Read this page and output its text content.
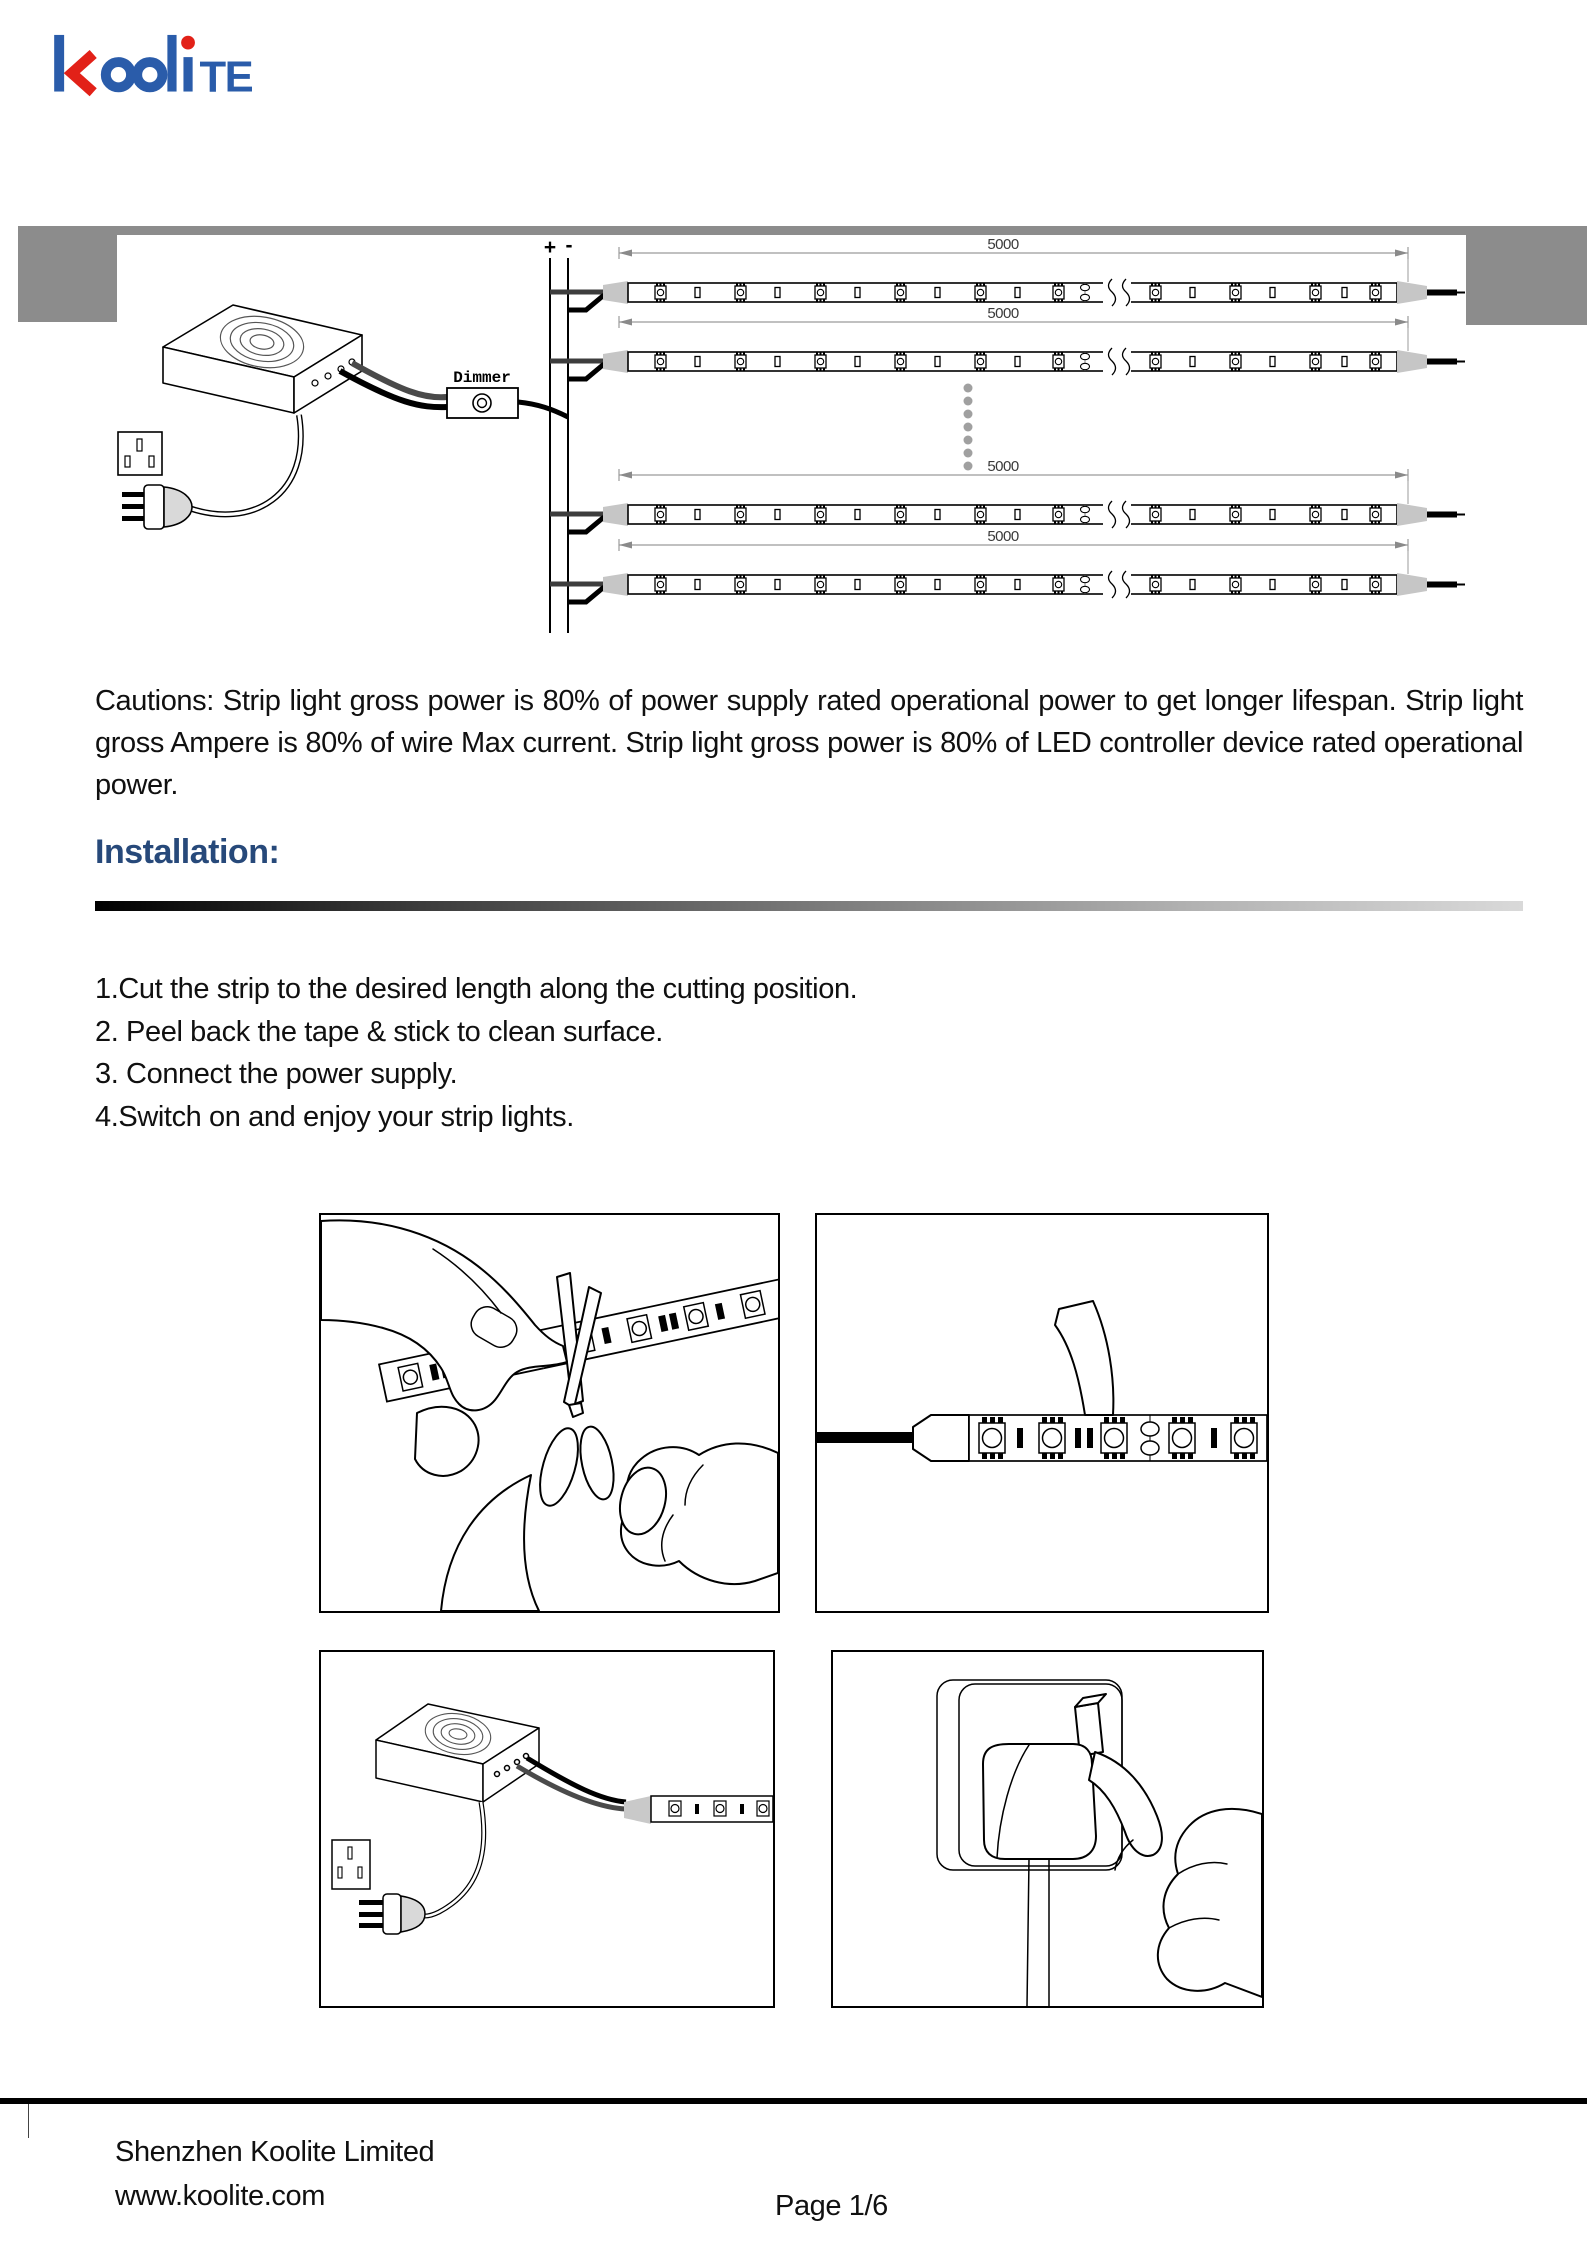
TE
Dimmer
+ -	5000
5000
5000
5000
Cautions: Strip light gross power is 80% of power supply rated operational power to get longer lifespan. Strip light gross Ampere is 80% of wire Max current. Strip light gross power is 80% of LED controller device rated operational power.
Installation:
1.Cut the strip to the desired length along the cutting position.
2. Peel back the tape & stick to clean surface.
3. Connect the power supply.
4.Switch on and enjoy your strip lights.
Shenzhen Koolite Limited
www.koolite.com	Page 1/6
